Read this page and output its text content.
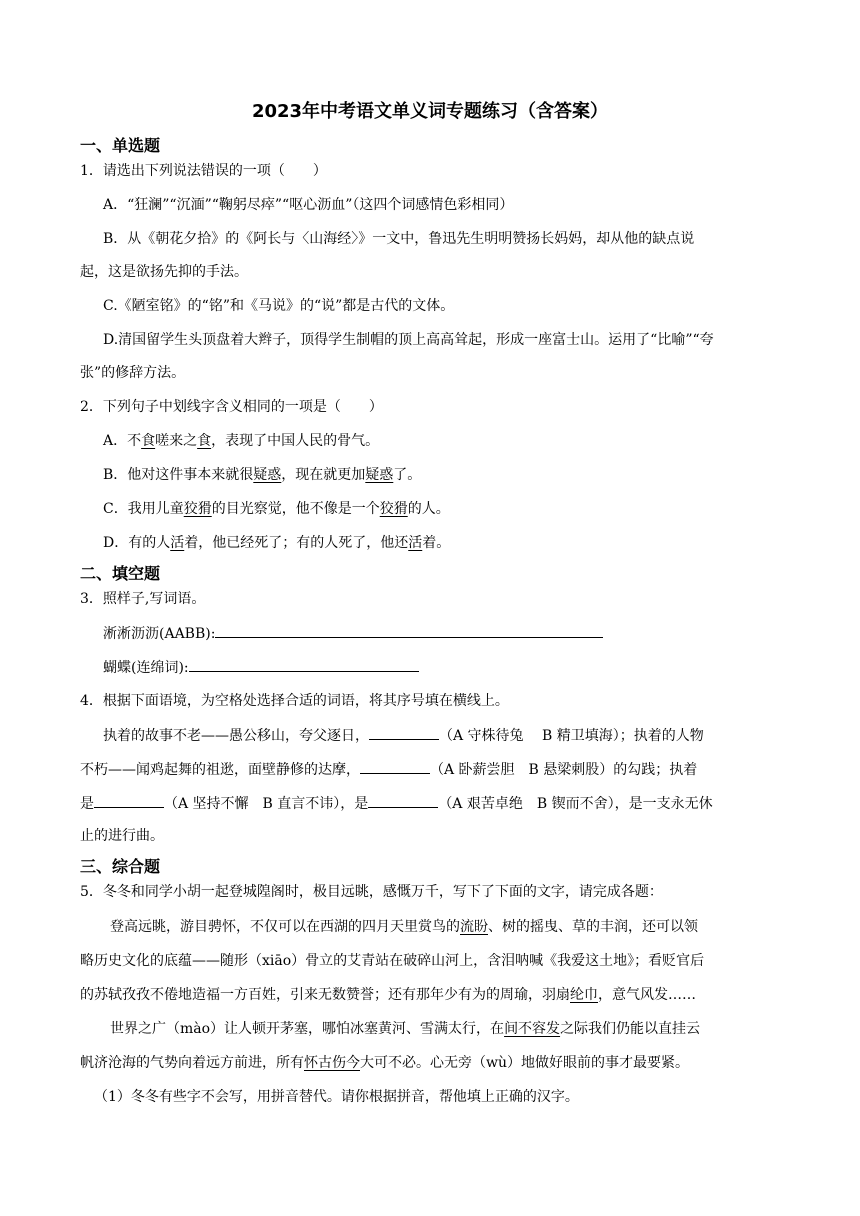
2023年中考语文单义词专题练习（含答案）
一、单选题
1．请选出下列说法错误的一项（　　）
A．“狂澜”“沉湎”“鞠躬尽瘁”“呕心沥血”（这四个词感情色彩相同）
B．从《朝花夕拾》的《阿长与〈山海经〉》一文中，鲁迅先生明明赞扬长妈妈，却从他的缺点说
起，这是欲扬先抑的手法。
C.《陋室铭》的“铭”和《马说》的“说”都是古代的文体。
D.清国留学生头顶盘着大辫子，顶得学生制帽的顶上高高耸起，形成一座富士山。运用了“比喻”“夸
张”的修辞方法。
2．下列句子中划线字含义相同的一项是（　　）
A．不食嗟来之食，表现了中国人民的骨气。
B．他对这件事本来就很疑惑，现在就更加疑惑了。
C．我用儿童狡猾的目光察觉，他不像是一个狡猾的人。
D．有的人活着，他已经死了；有的人死了，他还活着。
二、填空题
3．照样子,写词语。
淅淅沥沥(AABB):
蝴蝶(连绵词):
4．根据下面语境，为空格处选择合适的词语，将其序号填在横线上。
执着的故事不老——愚公移山，夸父逐日，	（A 守株待兔　 B 精卫填海）；执着的人物
不朽——闻鸡起舞的祖逖，面壁静修的达摩，	（A 卧薪尝胆　B 悬梁刺股）的勾践；执着
是	（A 坚持不懈　B 直言不讳），是	（A 艰苦卓绝　B 锲而不舍），是一支永无休
止的进行曲。
三、综合题
5．冬冬和同学小胡一起登城隍阁时，极目远眺，感慨万千，写下了下面的文字，请完成各题：
登高远眺，游目骋怀，不仅可以在西湖的四月天里赏鸟的流盼、树的摇曳、草的丰润，还可以领
略历史文化的底蕴——随形（xiāo）骨立的艾青站在破碎山河上，含泪呐喊《我爱这土地》；看贬官后
的苏轼孜孜不倦地造福一方百姓，引来无数赞誉；还有那年少有为的周瑜，羽扇纶巾，意气风发……
世界之广（mào）让人顿开茅塞，哪怕冰塞黄河、雪满太行，在间不容发之际我们仍能以直挂云
帆济沧海的气势向着远方前进，所有怀古伤今大可不必。心无旁（wù）地做好眼前的事才最要紧。
（1）冬冬有些字不会写，用拼音替代。请你根据拼音，帮他填上正确的汉字。
